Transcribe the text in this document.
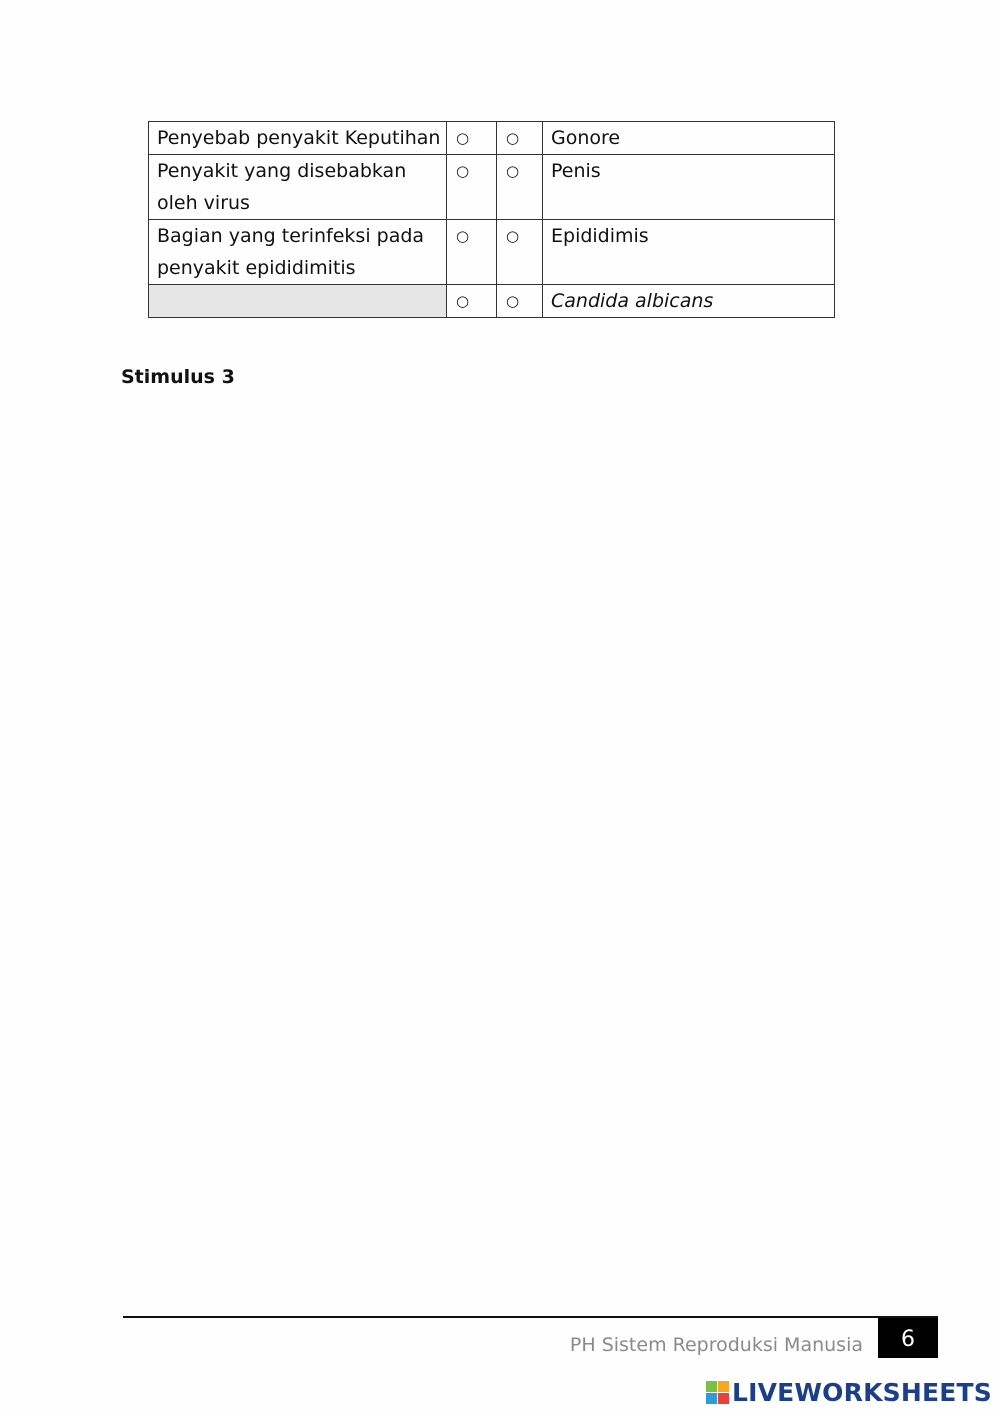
Penyebab penyakit Keputihan	○	○	Gonore
Penyakit yang disebabkan oleh virus	○	○	Penis
Bagian yang terinfeksi pada penyakit epididimitis	○	○	Epididimis
	○	○	Candida albicans
Stimulus 3
PH Sistem Reproduksi Manusia	6
LIVEWORKSHEETS
